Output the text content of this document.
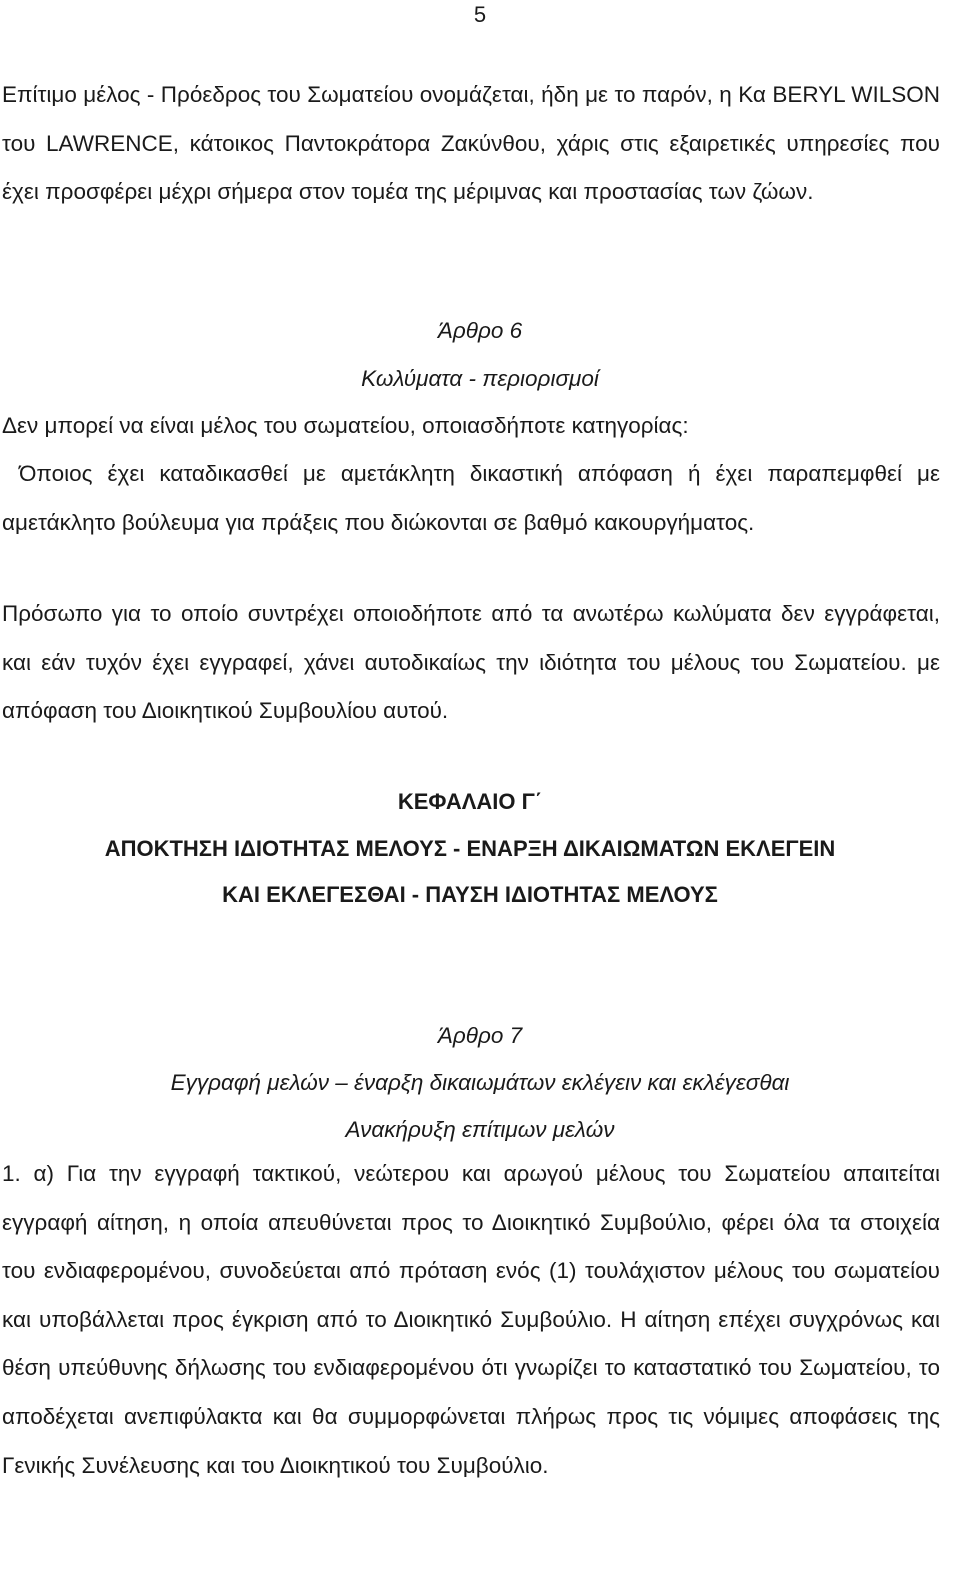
5

Επίτιμο μέλος - Πρόεδρος του Σωματείου ονομάζεται, ήδη με το παρόν, η Κα BERYL WILSON του LAWRENCE, κάτοικος Παντοκράτορα Ζακύνθου, χάρις στις εξαιρετικές υπηρεσίες που έχει προσφέρει μέχρι σήμερα στον τομέα της μέριμνας και προστασίας των ζώων.

Άρθρο 6

Κωλύματα - περιορισμοί

Δεν μπορεί να είναι μέλος του σωματείου, οποιασδήποτε κατηγορίας:

Όποιος έχει καταδικασθεί με αμετάκλητη δικαστική απόφαση ή έχει παραπεμφθεί με αμετάκλητο βούλευμα για πράξεις που διώκονται σε βαθμό κακουργήματος.

Πρόσωπο για το οποίο συντρέχει οποιοδήποτε από τα ανωτέρω κωλύματα δεν εγγράφεται, και εάν τυχόν έχει εγγραφεί, χάνει αυτοδικαίως την ιδιότητα του μέλους του Σωματείου. με απόφαση του Διοικητικού Συμβουλίου αυτού.

ΚΕΦΑΛΑΙΟ Γ΄

ΑΠΟΚΤΗΣΗ ΙΔΙΟΤΗΤΑΣ ΜΕΛΟΥΣ - ΕΝΑΡΞΗ ΔΙΚΑΙΩΜΑΤΩΝ ΕΚΛΕΓΕΙΝ

ΚΑΙ ΕΚΛΕΓΕΣΘΑΙ - ΠΑΥΣΗ ΙΔΙΟΤΗΤΑΣ ΜΕΛΟΥΣ

Άρθρο 7

Εγγραφή μελών – έναρξη δικαιωμάτων εκλέγειν και εκλέγεσθαι

Ανακήρυξη επίτιμων μελών

1. α) Για την εγγραφή τακτικού, νεώτερου και αρωγού μέλους του Σωματείου απαιτείται εγγραφή αίτηση, η οποία απευθύνεται προς το Διοικητικό Συμβούλιο, φέρει όλα τα στοιχεία του ενδιαφερομένου, συνοδεύεται από πρόταση ενός (1) τουλάχιστον μέλους του σωματείου και υποβάλλεται προς έγκριση από το Διοικητικό Συμβούλιο. Η αίτηση επέχει συγχρόνως και θέση υπεύθυνης δήλωσης του ενδιαφερομένου ότι γνωρίζει το καταστατικό του Σωματείου, το αποδέχεται ανεπιφύλακτα και θα συμμορφώνεται πλήρως προς τις νόμιμες αποφάσεις της Γενικής Συνέλευσης και του Διοικητικού του Συμβούλιο.
